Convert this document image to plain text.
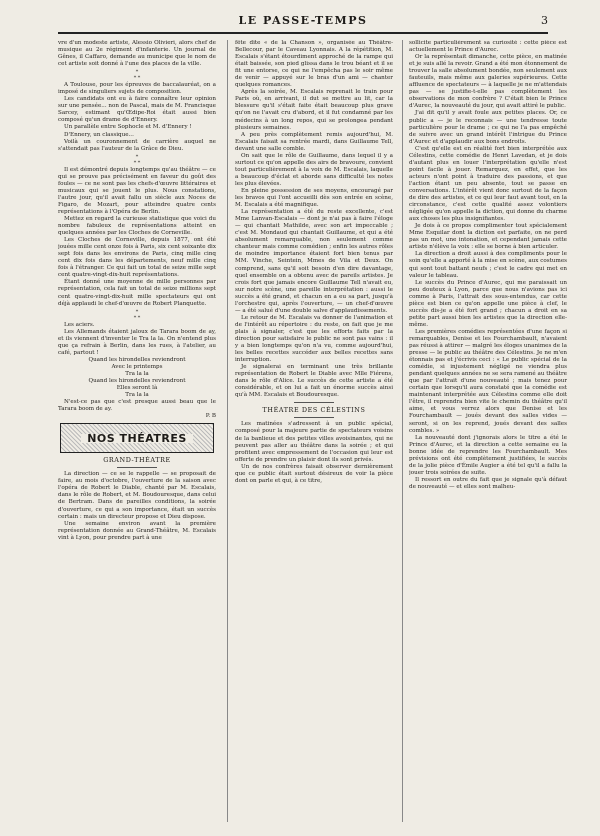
LE PASSE-TEMPS	3

vre d'un modeste artiste, Alessio Olivieri, alors chef de musique au 2e régiment d'infanterie. Un journal de Gênes, il Caffaro, demande au municipe que le nom de cet artiste soit donné à l'une des places de la ville.

*
* *

A Toulouse, pour les épreuves de baccalauréat, on a imposé de singuliers sujets de composition.

Les candidats ont eu à faire connaître leur opinion sur une pensée... non de Pascal, mais de M. Francisque Sarcey, estimant qu'Œdipe-Roi était aussi bien composé qu'un drame de d'Ennery.

Un parallèle entre Sophocle et M. d'Ennery !

D'Ennery, un classique...

Voilà un couronnement de carrière auquel ne s'attendait pas l'auteur de la Grâce de Dieu.

*
* *

Il est démontré depuis longtemps qu'au théâtre — ce qui se prouve pas précisément en faveur du goût des foules — ce ne sont pas les chefs-d'œuvre littéraires et musicaux qui se jouent le plus. Nous constations, l'autre jour, qu'il avait fallu un siècle aux Noces de Figaro, de Mozart, pour atteindre quatre cents représentations à l'Opéra de Berlin.

Mettez en regard la curieuse statistique que voici du nombre fabuleux de représentations atteint en quelques années par les Cloches de Corneville.

Les Cloches de Corneville, depuis 1877, ont été jouées mille cent onze fois à Paris, six cent soixante dix sept fois dans les environs de Paris, cinq mille cinq cent dix fois dans les départements, neuf mille cinq fois à l'étranger. Ce qui fait un total de seize mille sept cent quatre-vingt-dix-huit représentations.

Étant donné une moyenne de mille personnes par représentation, cela fait un total de seize millions sept cent quatre-vingt-dix-huit mille spectateurs qui ont déjà applaudi le chef-d'œuvre de Robert Planquette.

*
* *

Les aciers.

Les Allemands étaient jaloux de Tarara boom de ay, et ils viennent d'inventer le Tra la la. On n'entend plus que ça refrain à Berlin, dans les rues, à l'atelier, au café, partout !

Quand les hirondelles reviendront

Avec le printemps

Tra la la

Quand les hirondelles reviendront

Elles seront là

Tra la la

N'est-ce pas que c'est presque aussi beau que le Tarara boom de ay.

P. B

NOS THÉATRES
GRAND-THÉATRE

La direction — ce se le rappelle — se proposait de faire, au mois d'octobre, l'ouverture de la saison avec l'opéra de Robert le Diable, chanté par M. Escalais, dans le rôle de Robert, et M. Boudouresque, dans celui de Bertram. Dans de pareilles conditions, la soirée d'ouverture, ce qui a son importance, était un succès certain : mais un directeur propose et Dieu dispose.

Une semaine environ avant la première représentation donnée au Grand-Théâtre, M. Escalais vint à Lyon, pour prendre part à une

fête dite « de la Chanson », organisée au Théâtre-Bellecour, par le Caveau Lyonnais. A la répétition, M. Escalais s'étant étourdiment approché de la rampe qui était baissée, son pied glissa dans le trou béant et il se fit une entorse, ce qui ne l'empêcha pas le soir même de venir — appuyé sur le bras d'un ami — chanter quelques romances.

Après la soirée, M. Escalais reprenait le train pour Paris où, en arrivant, il dut se mettre au lit, car la blessure qu'il s'était faite était beaucoup plus grave qu'on ne l'avait cru d'abord, et il fut condamné par les médecins à un long repos, qui se prolongea pendant plusieurs semaines.

A peu près complètement remis aujourd'hui, M. Escalais faisait sa rentrée mardi, dans Guillaume Tell, devant une salle comble.

On sait que le rôle de Guillaume, dans lequel il y a surtout ce qu'on appelle des airs de bravoure, convient tout particulièrement à la voix de M. Escalais, laquelle a beaucoup d'éclat et aborde sans difficulté les notes les plus élevées.

En pleine possession de ses moyens, encouragé par les bravos qui l'ont accueilli dès son entrée en scène, M. Escalais a été magnifique.

La représentation a été du reste excellente, c'est Mme Lanvan-Escalais — dont je n'ai pas à faire l'éloge — qui chantait Mathilde, avec son art impeccable ; c'est M. Mondaud qui chantait Guillaume, et qui a été absolument remarquable, non seulement comme chanteur mais comme comédien ; enfin les autres rôles de moindre importance étaient fort bien tenus par MM. Vinche, Seintein, Mmes de Vila et Deux. On comprend, sans qu'il soit besoin d'en dire davantage, quel ensemble on a obtenu avec de pareils artistes. Je crois fort que jamais encore Guillaume Tell n'avait eu, sur notre scène, une pareille interprétation : aussi le succès a été grand, et chacun en a eu sa part, jusqu'à l'orchestre qui, après l'ouverture, — un chef-d'œuvre — a été salué d'une double salve d'applaudissements.

Le retour de M. Escalais va donner de l'animation et de l'intérêt au répertoire : du reste, on fait que je me plais à signaler, c'est que les efforts faits par la direction pour satisfaire le public ne sont pas vains : il y a bien longtemps qu'on n'a vu, comme aujourd'hui, les belles recettes succéder aux belles recettes sans interruption.

Je signalerai en terminant une très brillante représentation de Robert le Diable avec Mlle Fiérens, dans le rôle d'Alice. Le succès de cette artiste a été considérable, et on lui a fait un énorme succès ainsi qu'à MM. Escalais et Boudouresque.

THÉATRE DES CÉLESTINS

Les matinées s'adressent à un public spécial, composé pour la majeure partie de spectateurs voisins de la banlieue et des petites villes avoisinantes, qui ne peuvent pas aller au théâtre dans la soirée ; et qui profitent avec empressement de l'occasion qui leur est offerte de prendre un plaisir dont ils sont privés.

Un de nos confrères faisait observer dernièrement que ce public était surtout désireux de voir la pièce dont on parle et qui, à ce titre,

sollicite particulièrement sa curiosité : cette pièce est actuellement le Prince d'Aurec.

Or la représentait dimanche, cette pièce, en matinée et je suis allé la revoir. Grand a été mon étonnement de trouver la salle absolument bondée, non seulement aux fauteuils, mais même aux galeries supérieures. Cette affluence de spectateurs — à laquelle je ne m'attendais pas — se justifie-t-elle pas complètement les observations de mon confrère ? C'était bien le Prince d'Aurec, la nouveauté du jour, qui avait attiré le public.

J'ai dit qu'il y avait foule aux petites places. Or, ce public a — je le reconnais — une tendresse toute particulière pour le drame ; ce qui ne l'a pas empêché de suivre avec un grand intérêt l'intrigue du Prince d'Aurec et d'applaudir aux bons endroits.

C'est qu'elle est en réalité fort bien interprétée aux Célestins, cette comédie de Henri Lavedan, et je dois d'autant plus en louer l'interprétation qu'elle n'est point facile à jouer. Remarquez, en effet, que les acteurs n'ont point à traduire des passions, et que l'action étant un peu absente, tout se passe en conversations. L'intérêt vient donc surtout de la façon de dire des artistes, et ce qui leur faut avant tout, en la circonstance, c'est cette qualité assez volontiers négligée qu'on appelle la diction, qui donne du charme aux choses les plus insignifiantes.

Je dois à ce propos complimenter tout spécialement Mme Esquilar dont la diction est parfaite, on ne perd pas un mot, une intonation, et cependant jamais cette artiste n'élève la voix : elle se borne à bien articuler.

La direction a droit aussi à des compliments pour le soin qu'elle a apporté à la mise en scène, aux costumes qui sont tout battant neufs ; c'est le cadre qui met en valeur le tableau.

Le succès du Prince d'Aurec, qui me paraissait un peu douteux à Lyon, parce que nous n'avions pas ici comme à Paris, l'attrait des sous-entendus, car cette pièce est bien ce qu'on appelle une pièce à clef, le succès dis-je a été fort grand ; chacun a droit en sa petite part aussi bien les artistes que la direction elle-même.

Les premières comédies représentées d'une façon si remarquables, Denise et les Fourchambault, n'avaient pas réussi à attirer — malgré les éloges unanimes de la presse — le public au théâtre des Célestins. Je ne m'en étonnais pas et j'écrivis ceci : « Le public spécial de la comédie, si injustement négligé ne viendra plus pendant quelques années ne se sera ramené au théâtre que par l'attrait d'une nouveauté ; mais tenez pour certain que lorsqu'il aura constaté que la comédie est maintenant interprétée aux Célestins comme elle doit l'être, il reprendra bien vite le chemin du théâtre qu'il aime, et vous verrez alors que Denise et les Fourchambault — joués devant des salles vides — seront, si on les reprend, joués devant des salles combles. »

La nouveauté dont j'ignorais alors le titre a été le Prince d'Aurec, et la direction a cette semaine eu la bonne idée de reprendre les Fourchambault. Mes prévisions ont été complètement justifiées, le succès de la jolie pièce d'Émile Augier a été tel qu'il a fallu la jouer trois soirées de suite.

Il ressort en outre du fait que je signale qu'à défaut de nouveauté — et elles sont malheu-
